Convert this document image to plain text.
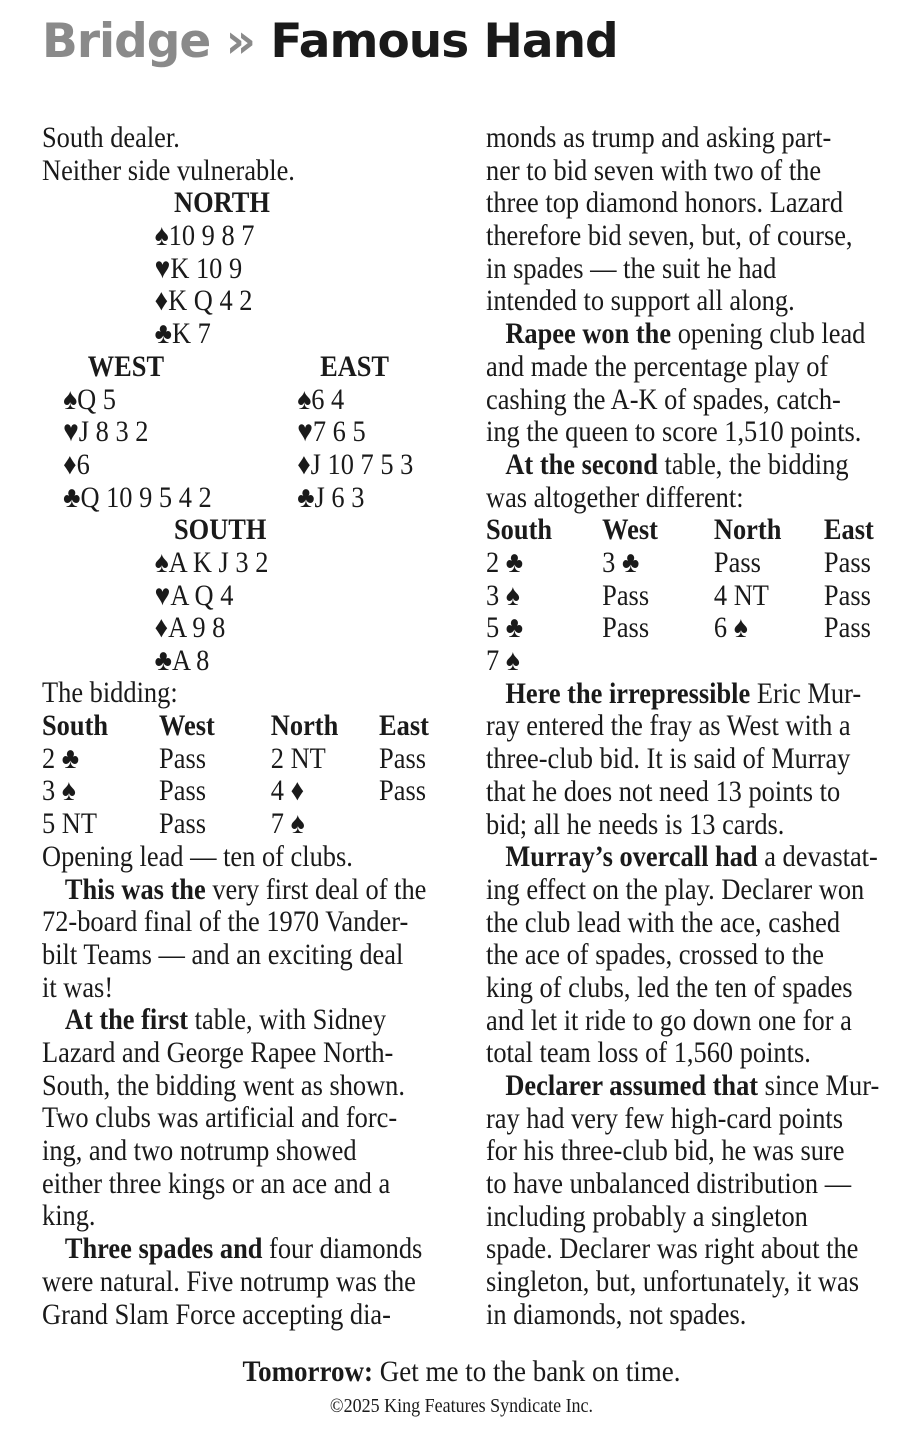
Bridge » Famous Hand
South dealer.
Neither side vulnerable.
NORTH
♠10 9 8 7
♥K 10 9
♦K Q 4 2
♣K 7
WEST
♠Q 5
♥J 8 3 2
♦6
♣Q 10 9 5 4 2
EAST
♠6 4
♥7 6 5
♦J 10 7 5 3
♣J 6 3
SOUTH
♠A K J 3 2
♥A Q 4
♦A 9 8
♣A 8
The bidding:
South West North East
2 ♣	Pass 2 NT Pass
3 ♠	Pass 4 ♦ Pass
5 NT Pass 7 ♠
Opening lead — ten of clubs.
This was the very first deal of the
72-board final of the 1970 Vander-
bilt Teams — and an exciting deal
it was!
At the first table, with Sidney
Lazard and George Rapee North-
South, the bidding went as shown.
Two clubs was artificial and forc-
ing, and two notrump showed
either three kings or an ace and a
king.
Three spades and four diamonds
were natural. Five notrump was the
Grand Slam Force accepting dia-
monds as trump and asking part-
ner to bid seven with two of the
three top diamond honors. Lazard
therefore bid seven, but, of course,
in spades — the suit he had
intended to support all along.
Rapee won the opening club lead
and made the percentage play of
cashing the A-K of spades, catch-
ing the queen to score 1,510 points.
At the second table, the bidding
was altogether different:
South West North East
2 ♣	3 ♣ Pass Pass
3 ♠	Pass 4 NT Pass
5 ♣	Pass 6 ♠	Pass
7 ♠
Here the irrepressible Eric Mur-
ray entered the fray as West with a
three-club bid. It is said of Murray
that he does not need 13 points to
bid; all he needs is 13 cards.
Murray’s overcall had a devastat-
ing effect on the play. Declarer won
the club lead with the ace, cashed
the ace of spades, crossed to the
king of clubs, led the ten of spades
and let it ride to go down one for a
total team loss of 1,560 points.
Declarer assumed that since Mur-
ray had very few high-card points
for his three-club bid, he was sure
to have unbalanced distribution —
including probably a singleton
spade. Declarer was right about the
singleton, but, unfortunately, it was
in diamonds, not spades.
Tomorrow: Get me to the bank on time.
©2025 King Features Syndicate Inc.
